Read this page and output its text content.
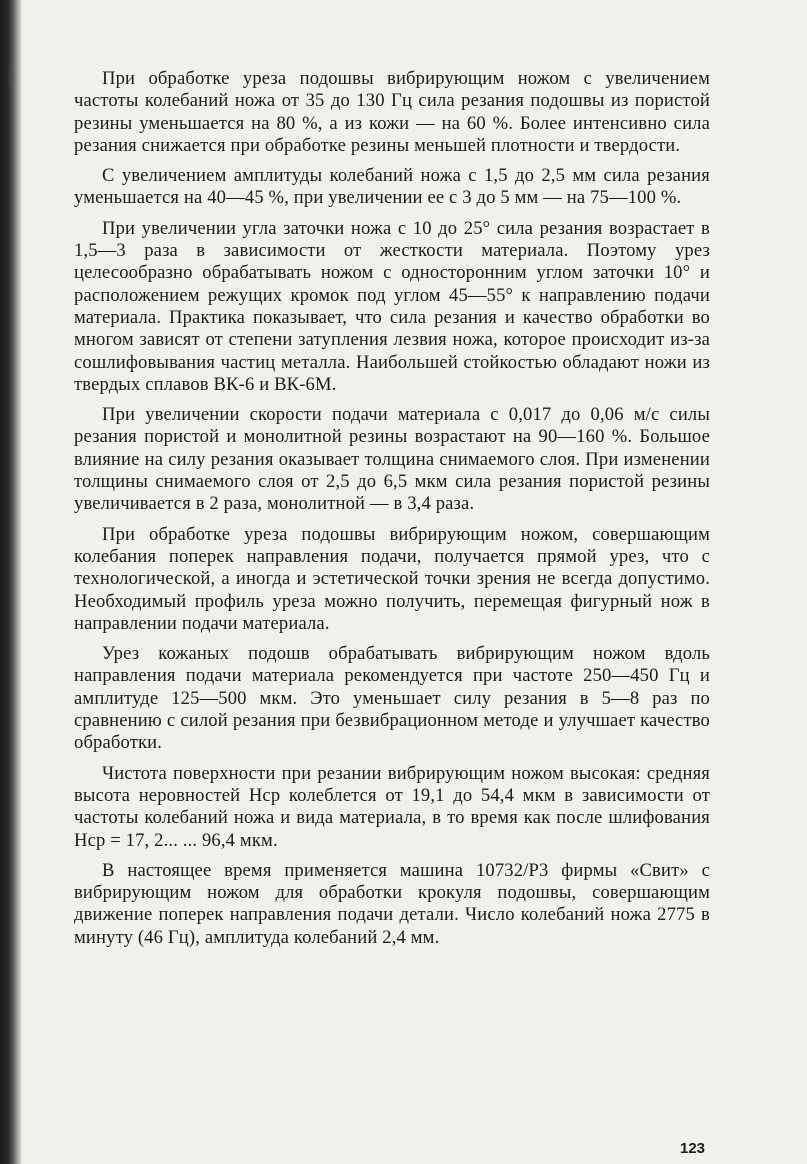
При обработке уреза подошвы вибрирующим ножом с увеличением частоты колебаний ножа от 35 до 130 Гц сила резания подошвы из пористой резины уменьшается на 80 %, а из кожи — на 60 %. Более интенсивно сила резания снижается при обработке резины меньшей плотности и твердости.

С увеличением амплитуды колебаний ножа с 1,5 до 2,5 мм сила резания уменьшается на 40—45 %, при увеличении ее с 3 до 5 мм — на 75—100 %.

При увеличении угла заточки ножа с 10 до 25° сила резания возрастает в 1,5—3 раза в зависимости от жесткости материала. Поэтому урез целесообразно обрабатывать ножом с односторонним углом заточки 10° и расположением режущих кромок под углом 45—55° к направлению подачи материала. Практика показывает, что сила резания и качество обработки во многом зависят от степени затупления лезвия ножа, которое происходит из-за сошлифовывания частиц металла. Наибольшей стойкостью обладают ножи из твердых сплавов ВК-6 и ВК-6М.

При увеличении скорости подачи материала с 0,017 до 0,06 м/с силы резания пористой и монолитной резины возрастают на 90—160 %. Большое влияние на силу резания оказывает толщина снимаемого слоя. При изменении толщины снимаемого слоя от 2,5 до 6,5 мкм сила резания пористой резины увеличивается в 2 раза, монолитной — в 3,4 раза.

При обработке уреза подошвы вибрирующим ножом, совершающим колебания поперек направления подачи, получается прямой урез, что с технологической, а иногда и эстетической точки зрения не всегда допустимо. Необходимый профиль уреза можно получить, перемещая фигурный нож в направлении подачи материала.

Урез кожаных подошв обрабатывать вибрирующим ножом вдоль направления подачи материала рекомендуется при частоте 250—450 Гц и амплитуде 125—500 мкм. Это уменьшает силу резания в 5—8 раз по сравнению с силой резания при безвибрационном методе и улучшает качество обработки.

Чистота поверхности при резании вибрирующим ножом высокая: средняя высота неровностей Hср колеблется от 19,1 до 54,4 мкм в зависимости от частоты колебаний ножа и вида материала, в то время как после шлифования Hср = 17, 2... ... 96,4 мкм.

В настоящее время применяется машина 10732/Р3 фирмы «Свит» с вибрирующим ножом для обработки крокуля подошвы, совершающим движение поперек направления подачи детали. Число колебаний ножа 2775 в минуту (46 Гц), амплитуда колебаний 2,4 мм.

123
